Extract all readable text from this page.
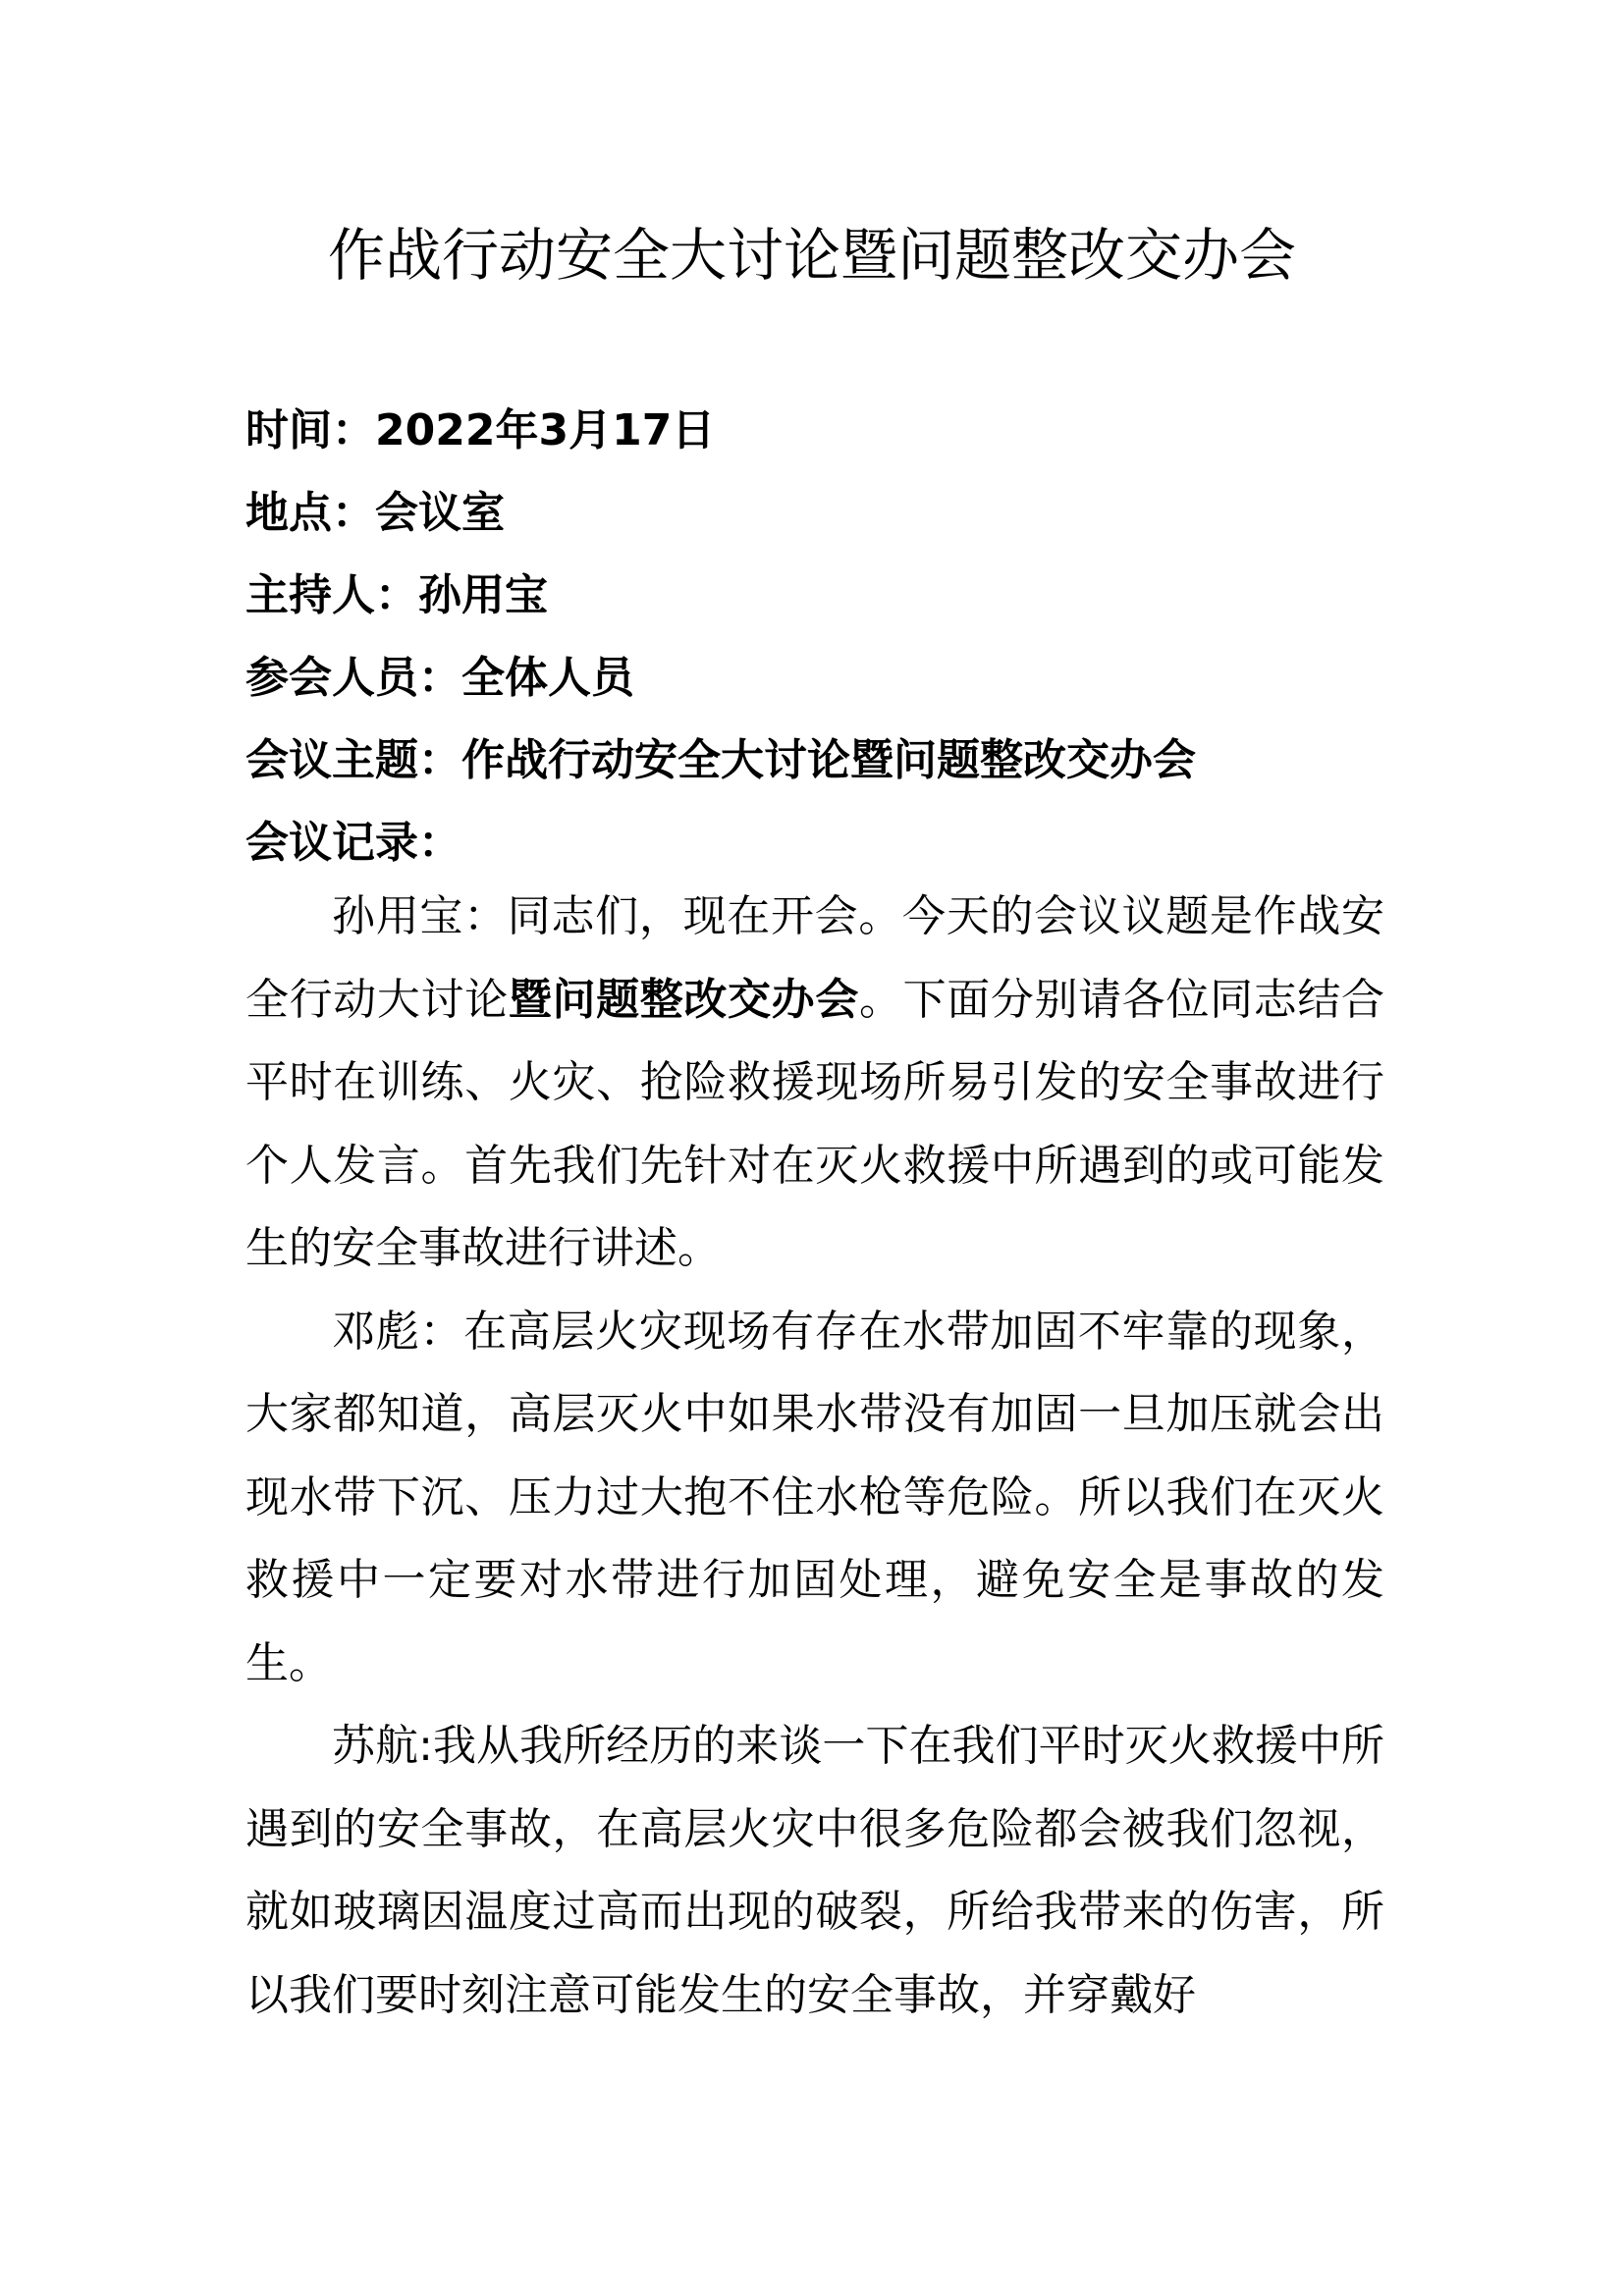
作战行动安全大讨论暨问题整改交办会
时间：2022年3月17日
地点：会议室
主持人：孙用宝
参会人员：全体人员
会议主题：作战行动安全大讨论暨问题整改交办会
会议记录：

孙用宝：同志们，现在开会。今天的会议议题是作战安全行动大讨论暨问题整改交办会。下面分别请各位同志结合平时在训练、火灾、抢险救援现场所易引发的安全事故进行个人发言。首先我们先针对在灭火救援中所遇到的或可能发生的安全事故进行讲述。

邓彪：在高层火灾现场有存在水带加固不牢靠的现象，大家都知道，高层灭火中如果水带没有加固一旦加压就会出现水带下沉、压力过大抱不住水枪等危险。所以我们在灭火救援中一定要对水带进行加固处理，避免安全是事故的发生。

苏航:我从我所经历的来谈一下在我们平时灭火救援中所遇到的安全事故，在高层火灾中很多危险都会被我们忽视，就如玻璃因温度过高而出现的破裂，所给我带来的伤害，所以我们要时刻注意可能发生的安全事故，并穿戴好
